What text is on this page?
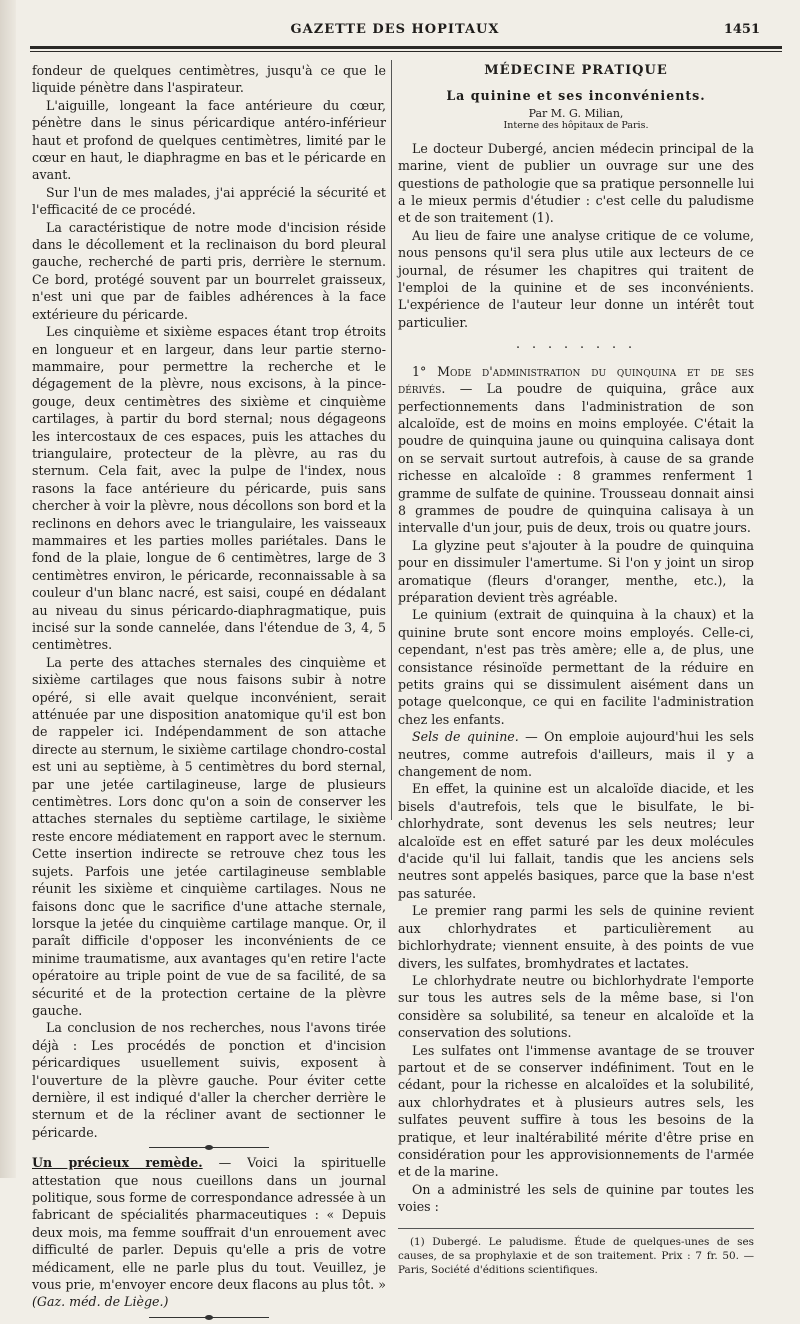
GAZETTE DES HOPITAUX	1451

fondeur de quelques centimètres, jusqu'à ce que le liquide pénètre dans l'aspirateur.

L'aiguille, longeant la face antérieure du cœur, pénètre dans le sinus péricardique antéro-inférieur haut et profond de quelques centimètres, limité par le cœur en haut, le diaphragme en bas et le péricarde en avant.

Sur l'un de mes malades, j'ai apprécié la sécurité et l'efficacité de ce procédé.

La caractéristique de notre mode d'incision réside dans le décollement et la reclinaison du bord pleural gauche, recherché de parti pris, derrière le sternum. Ce bord, protégé souvent par un bourrelet graisseux, n'est uni que par de faibles adhérences à la face extérieure du péricarde.

Les cinquième et sixième espaces étant trop étroits en longueur et en largeur, dans leur partie sterno-mammaire, pour permettre la recherche et le dégagement de la plèvre, nous excisons, à la pince-gouge, deux centimètres des sixième et cinquième cartilages, à partir du bord sternal; nous dégageons les intercostaux de ces espaces, puis les attaches du triangulaire, protecteur de la plèvre, au ras du sternum. Cela fait, avec la pulpe de l'index, nous rasons la face antérieure du péricarde, puis sans chercher à voir la plèvre, nous décollons son bord et la reclinons en dehors avec le triangulaire, les vaisseaux mammaires et les parties molles pariétales. Dans le fond de la plaie, longue de 6 centimètres, large de 3 centimètres environ, le péricarde, reconnaissable à sa couleur d'un blanc nacré, est saisi, coupé en dédalant au niveau du sinus péricardo-diaphragmatique, puis incisé sur la sonde cannelée, dans l'étendue de 3, 4, 5 centimètres.

La perte des attaches sternales des cinquième et sixième cartilages que nous faisons subir à notre opéré, si elle avait quelque inconvénient, serait atténuée par une disposition anatomique qu'il est bon de rappeler ici. Indépendamment de son attache directe au sternum, le sixième cartilage chondro-costal est uni au septième, à 5 centimètres du bord sternal, par une jetée cartilagineuse, large de plusieurs centimètres. Lors donc qu'on a soin de conserver les attaches sternales du septième cartilage, le sixième reste encore médiatement en rapport avec le sternum. Cette insertion indirecte se retrouve chez tous les sujets. Parfois une jetée cartilagineuse semblable réunit les sixième et cinquième cartilages. Nous ne faisons donc que le sacrifice d'une attache sternale, lorsque la jetée du cinquième cartilage manque. Or, il paraît difficile d'opposer les inconvénients de ce minime traumatisme, aux avantages qu'en retire l'acte opératoire au triple point de vue de sa facilité, de sa sécurité et de la protection certaine de la plèvre gauche.

La conclusion de nos recherches, nous l'avons tirée déjà : Les procédés de ponction et d'incision péricardiques usuellement suivis, exposent à l'ouverture de la plèvre gauche. Pour éviter cette dernière, il est indiqué d'aller la chercher derrière le sternum et de la récliner avant de sectionner le péricarde.

Un précieux remède. — Voici la spirituelle attestation que nous cueillons dans un journal politique, sous forme de correspondance adressée à un fabricant de spécialités pharmaceutiques : « Depuis deux mois, ma femme souffrait d'un enrouement avec difficulté de parler. Depuis qu'elle a pris de votre médicament, elle ne parle plus du tout. Veuillez, je vous prie, m'envoyer encore deux flacons au plus tôt. » (Gaz. méd. de Liège.)

MÉDECINE PRATIQUE
La quinine et ses inconvénients.
Par M. G. Milian,
Interne des hôpitaux de Paris.

Le docteur Dubergé, ancien médecin principal de la marine, vient de publier un ouvrage sur une des questions de pathologie que sa pratique personnelle lui a le mieux permis d'étudier : c'est celle du paludisme et de son traitement (1).

Au lieu de faire une analyse critique de ce volume, nous pensons qu'il sera plus utile aux lecteurs de ce journal, de résumer les chapitres qui traitent de l'emploi de la quinine et de ses inconvénients. L'expérience de l'auteur leur donne un intérêt tout particulier.

. . . . . . . .

1° Mode d'administration du quinquina et de ses dérivés. — La poudre de quiquina, grâce aux perfectionnements dans l'administration de son alcaloïde, est de moins en moins employée. C'était la poudre de quinquina jaune ou quinquina calisaya dont on se servait surtout autrefois, à cause de sa grande richesse en alcaloïde : 8 grammes renferment 1 gramme de sulfate de quinine. Trousseau donnait ainsi 8 grammes de poudre de quinquina calisaya à un intervalle d'un jour, puis de deux, trois ou quatre jours.

La glyzine peut s'ajouter à la poudre de quinquina pour en dissimuler l'amertume. Si l'on y joint un sirop aromatique (fleurs d'oranger, menthe, etc.), la préparation devient très agréable.

Le quinium (extrait de quinquina à la chaux) et la quinine brute sont encore moins employés. Celle-ci, cependant, n'est pas très amère; elle a, de plus, une consistance résinoïde permettant de la réduire en petits grains qui se dissimulent aisément dans un potage quelconque, ce qui en facilite l'administration chez les enfants.

Sels de quinine. — On emploie aujourd'hui les sels neutres, comme autrefois d'ailleurs, mais il y a changement de nom.

En effet, la quinine est un alcaloïde diacide, et les bisels d'autrefois, tels que le bisulfate, le bi-chlorhydrate, sont devenus les sels neutres; leur alcaloïde est en effet saturé par les deux molécules d'acide qu'il lui fallait, tandis que les anciens sels neutres sont appelés basiques, parce que la base n'est pas saturée.

Le premier rang parmi les sels de quinine revient aux chlorhydrates et particulièrement au bichlorhydrate; viennent ensuite, à des points de vue divers, les sulfates, bromhydrates et lactates.

Le chlorhydrate neutre ou bichlorhydrate l'emporte sur tous les autres sels de la même base, si l'on considère sa solubilité, sa teneur en alcaloïde et la conservation des solutions.

Les sulfates ont l'immense avantage de se trouver partout et de se conserver indéfiniment. Tout en le cédant, pour la richesse en alcaloïdes et la solubilité, aux chlorhydrates et à plusieurs autres sels, les sulfates peuvent suffire à tous les besoins de la pratique, et leur inaltérabilité mérite d'être prise en considération pour les approvisionnements de l'armée et de la marine.

On a administré les sels de quinine par toutes les voies :

(1) Dubergé. Le paludisme. Étude de quelques-unes de ses causes, de sa prophylaxie et de son traitement. Prix : 7 fr. 50. — Paris, Société d'éditions scientifiques.
